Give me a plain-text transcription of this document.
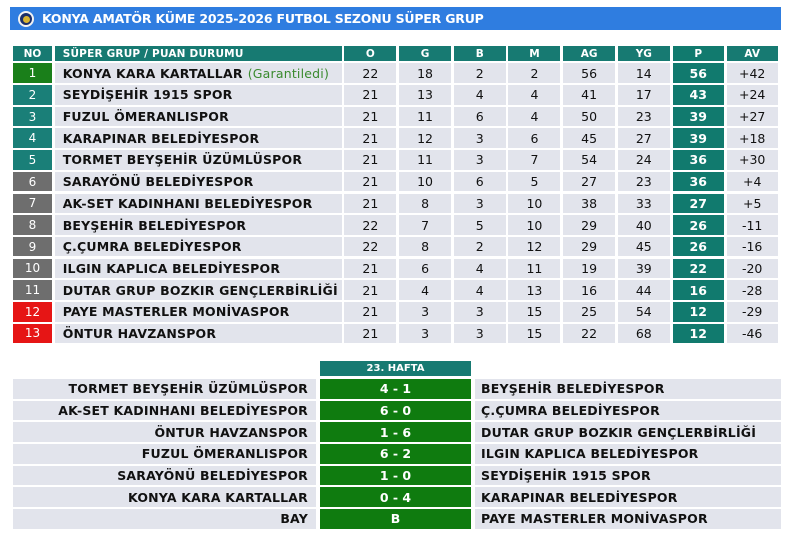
KONYA AMATÖR KÜME 2025-2026 FUTBOL SEZONU SÜPER GRUP
NO	SÜPER GRUP / PUAN DURUMU	O	G	B	M	AG	YG	P	AV
1	KONYA KARA KARTALLAR (Garantiledi)	22	18	2	2	56	14	56	+42
2	SEYDİŞEHİR 1915 SPOR	21	13	4	4	41	17	43	+24
3	FUZUL ÖMERANLISPOR	21	11	6	4	50	23	39	+27
4	KARAPINAR BELEDİYESPOR	21	12	3	6	45	27	39	+18
5	TORMET BEYŞEHİR ÜZÜMLÜSPOR	21	11	3	7	54	24	36	+30
6	SARAYÖNÜ BELEDİYESPOR	21	10	6	5	27	23	36	+4
7	AK-SET KADINHANI BELEDİYESPOR	21	8	3	10	38	33	27	+5
8	BEYŞEHİR BELEDİYESPOR	22	7	5	10	29	40	26	-11
9	Ç.ÇUMRA BELEDİYESPOR	22	8	2	12	29	45	26	-16
10	ILGIN KAPLICA BELEDİYESPOR	21	6	4	11	19	39	22	-20
11	DUTAR GRUP BOZKIR GENÇLERBİRLİĞİ	21	4	4	13	16	44	16	-28
12	PAYE MASTERLER MONİVASPOR	21	3	3	15	25	54	12	-29
13	ÖNTUR HAVZANSPOR	21	3	3	15	22	68	12	-46
23. HAFTA
TORMET BEYŞEHİR ÜZÜMLÜSPOR	4 - 1	BEYŞEHİR BELEDİYESPOR
AK-SET KADINHANI BELEDİYESPOR	6 - 0	Ç.ÇUMRA BELEDİYESPOR
ÖNTUR HAVZANSPOR	1 - 6	DUTAR GRUP BOZKIR GENÇLERBİRLİĞİ
FUZUL ÖMERANLISPOR	6 - 2	ILGIN KAPLICA BELEDİYESPOR
SARAYÖNÜ BELEDİYESPOR	1 - 0	SEYDİŞEHİR 1915 SPOR
KONYA KARA KARTALLAR	0 - 4	KARAPINAR BELEDİYESPOR
BAY	B	PAYE MASTERLER MONİVASPOR
